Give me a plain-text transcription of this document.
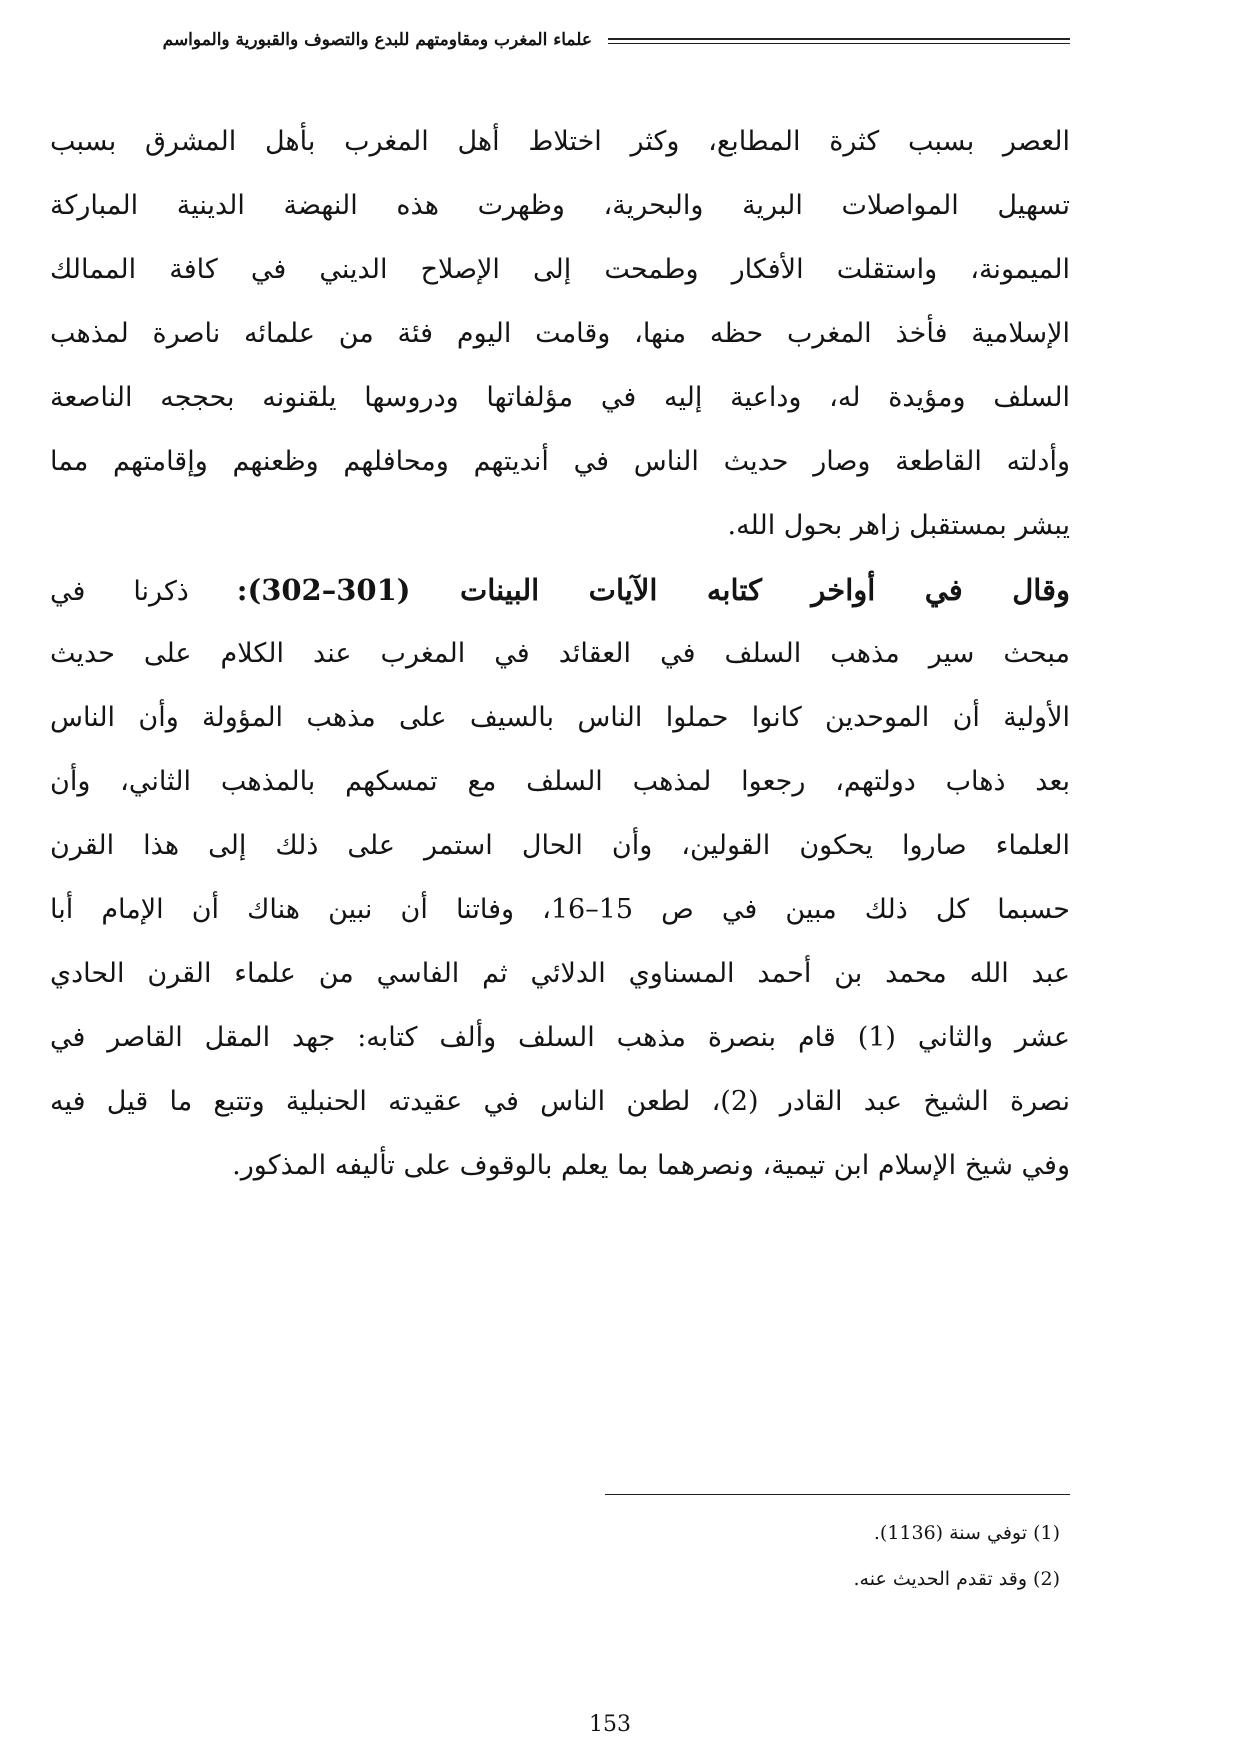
علماء المغرب ومقاومتهم للبدع والتصوف والقبورية والمواسم
العصر بسبب كثرة المطابع، وكثر اختلاط أهل المغرب بأهل المشرق بسبب
تسهيل المواصلات البرية والبحرية، وظهرت هذه النهضة الدينية المباركة
الميمونة، واستقلت الأفكار وطمحت إلى الإصلاح الديني في كافة الممالك
الإسلامية فأخذ المغرب حظه منها، وقامت اليوم فئة من علمائه ناصرة لمذهب
السلف ومؤيدة له، وداعية إليه في مؤلفاتها ودروسها يلقنونه بحججه الناصعة
وأدلته القاطعة وصار حديث الناس في أنديتهم ومحافلهم وظعنهم وإقامتهم مما
يبشر بمستقبل زاهر بحول الله.
وقال في أواخر كتابه الآيات البينات (301–302): ذكرنا في
مبحث سير مذهب السلف في العقائد في المغرب عند الكلام على حديث
الأولية أن الموحدين كانوا حملوا الناس بالسيف على مذهب المؤولة وأن الناس
بعد ذهاب دولتهم، رجعوا لمذهب السلف مع تمسكهم بالمذهب الثاني، وأن
العلماء صاروا يحكون القولين، وأن الحال استمر على ذلك إلى هذا القرن
حسبما كل ذلك مبين في ص 15–16، وفاتنا أن نبين هناك أن الإمام أبا
عبد الله محمد بن أحمد المسناوي الدلائي ثم الفاسي من علماء القرن الحادي
عشر والثاني (1) قام بنصرة مذهب السلف وألف كتابه: جهد المقل القاصر في
نصرة الشيخ عبد القادر (2)، لطعن الناس في عقيدته الحنبلية وتتبع ما قيل فيه
وفي شيخ الإسلام ابن تيمية، ونصرهما بما يعلم بالوقوف على تأليفه المذكور.
(1) توفي سنة (1136).
(2) وقد تقدم الحديث عنه.
153
